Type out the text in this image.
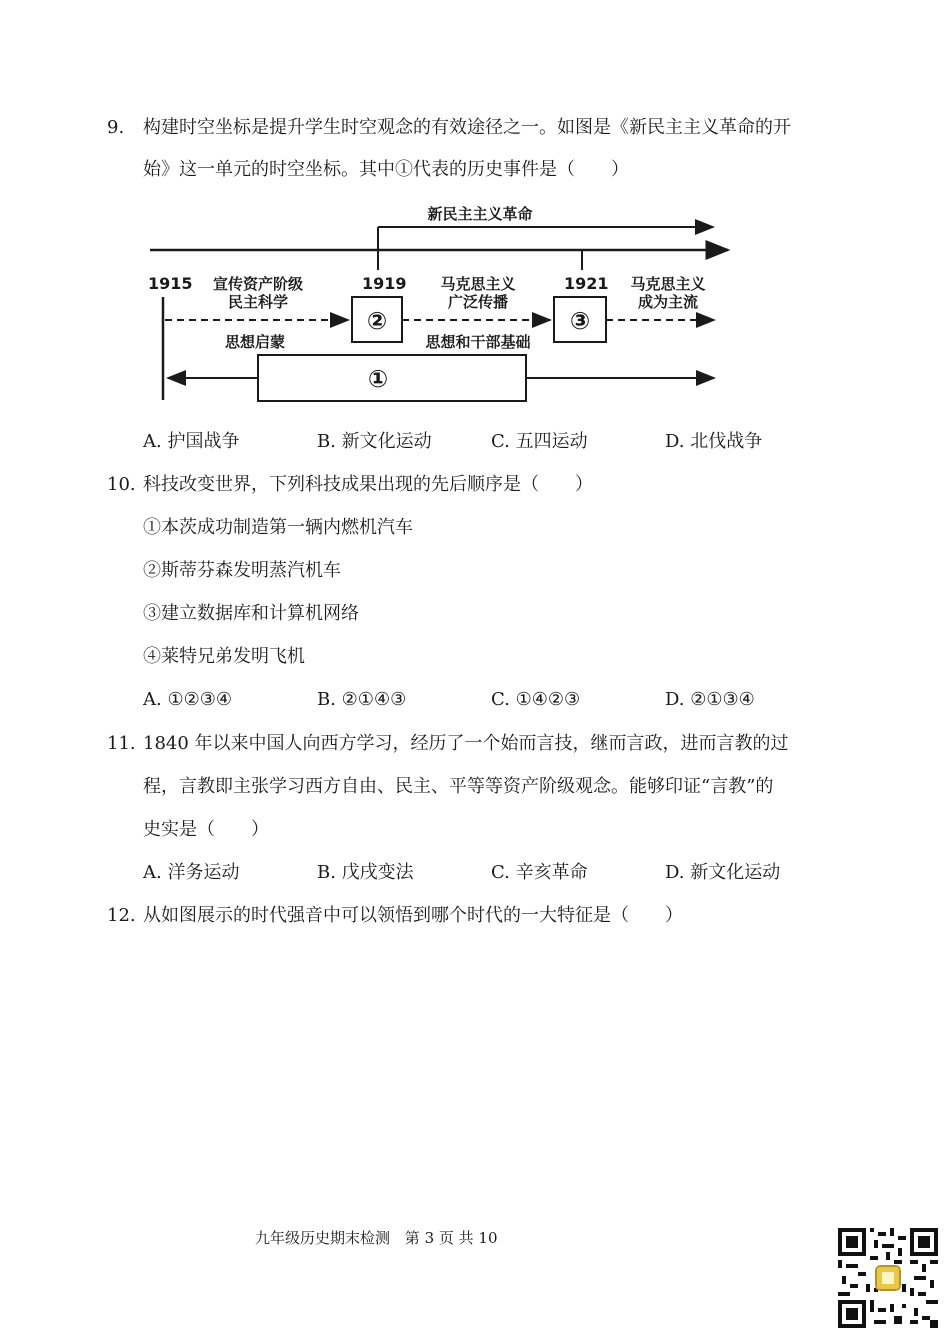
9. 构建时空坐标是提升学生时空观念的有效途径之一。如图是《新民主主义革命的开
始》这一单元的时空坐标。其中①代表的历史事件是（　　）
新民主主义革命
1915	1919	1921
宣传资产阶级
民主科学
马克思主义
广泛传播
马克思主义
成为主流
②	③
思想启蒙	思想和干部基础
①
A. 护国战争	B. 新文化运动	C. 五四运动	D. 北伐战争
10. 科技改变世界，下列科技成果出现的先后顺序是（　　）
①本茨成功制造第一辆内燃机汽车
②斯蒂芬森发明蒸汽机车
③建立数据库和计算机网络
④莱特兄弟发明飞机
A. ①②③④	B. ②①④③	C. ①④②③	D. ②①③④
11. 1840 年以来中国人向西方学习，经历了一个始而言技，继而言政，进而言教的过
程，言教即主张学习西方自由、民主、平等等资产阶级观念。能够印证“言教”的
史实是（　　）
A. 洋务运动	B. 戊戌变法	C. 辛亥革命	D. 新文化运动
12. 从如图展示的时代强音中可以领悟到哪个时代的一大特征是（　　）
九年级历史期末检测 第 3 页 共 10
